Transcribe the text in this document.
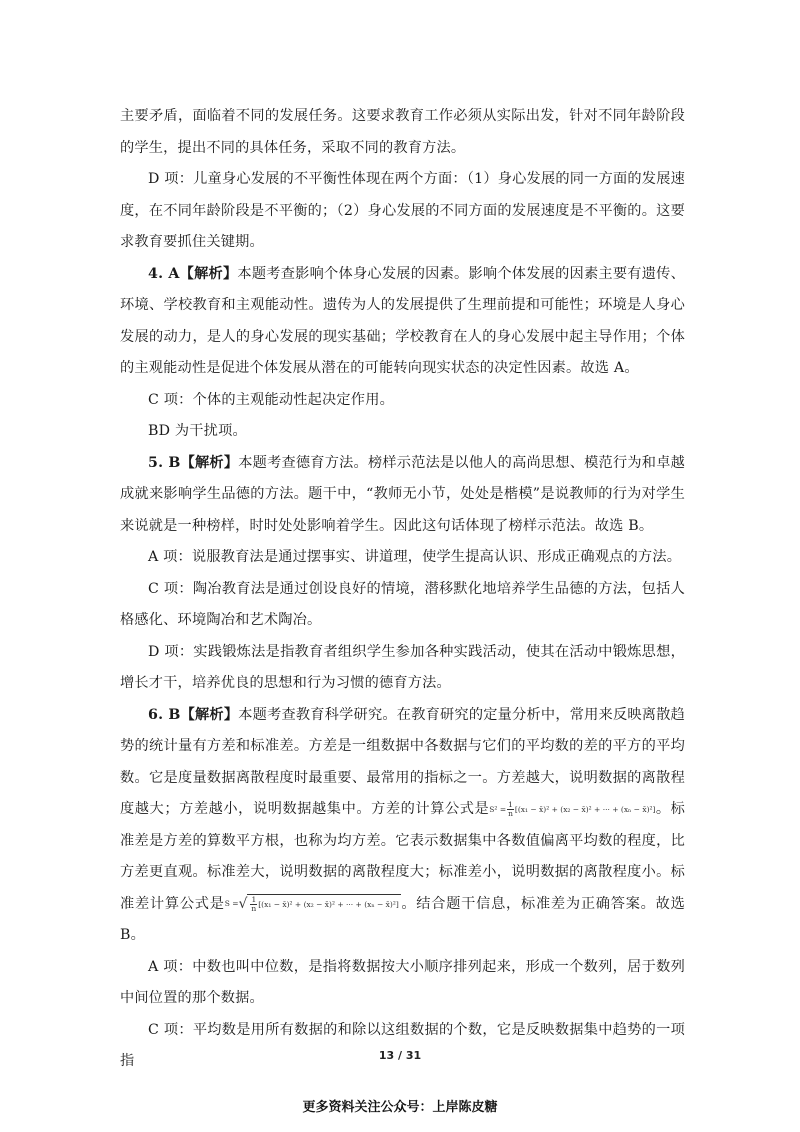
主要矛盾，面临着不同的发展任务。这要求教育工作必须从实际出发，针对不同年龄阶段的学生，提出不同的具体任务，采取不同的教育方法。

D 项：儿童身心发展的不平衡性体现在两个方面：（1）身心发展的同一方面的发展速度，在不同年龄阶段是不平衡的；（2）身心发展的不同方面的发展速度是不平衡的。这要求教育要抓住关键期。

4. A【解析】本题考查影响个体身心发展的因素。影响个体发展的因素主要有遗传、环境、学校教育和主观能动性。遗传为人的发展提供了生理前提和可能性；环境是人身心发展的动力，是人的身心发展的现实基础；学校教育在人的身心发展中起主导作用；个体的主观能动性是促进个体发展从潜在的可能转向现实状态的决定性因素。故选 A。

C 项：个体的主观能动性起决定作用。

BD 为干扰项。

5. B【解析】本题考查德育方法。榜样示范法是以他人的高尚思想、模范行为和卓越成就来影响学生品德的方法。题干中，“教师无小节，处处是楷模”是说教师的行为对学生来说就是一种榜样，时时处处影响着学生。因此这句话体现了榜样示范法。故选 B。

A 项：说服教育法是通过摆事实、讲道理，使学生提高认识、形成正确观点的方法。

C 项：陶冶教育法是通过创设良好的情境，潜移默化地培养学生品德的方法，包括人格感化、环境陶冶和艺术陶冶。

D 项：实践锻炼法是指教育者组织学生参加各种实践活动，使其在活动中锻炼思想，增长才干，培养优良的思想和行为习惯的德育方法。

6. B【解析】本题考查教育科学研究。在教育研究的定量分析中，常用来反映离散趋势的统计量有方差和标准差。方差是一组数据中各数据与它们的平均数的差的平方的平均数。它是度量数据离散程度时最重要、最常用的指标之一。方差越大，说明数据的离散程度越大；方差越小，说明数据越集中。方差的计算公式是 $S^2 = \frac{1}{n} [(x_1$ − x̄)² + (x₂ − x̄)² + ··· + (xₙ − x̄)²] 。标准差是方差的算数平方根，也称为均方差。它表示数据集中各数值偏离平均数的程度，比方差更直观。标准差大，说明数据的离散程度大；标准差小，说明数据的离散程度小。标准差计算公式是 S = √ $\frac{1}{n} [(x_1$ − x̄)² + (x₂ − x̄)² + ··· + (xₙ − x̄)²] 。结合题干信息，标准差为正确答案。故选 B。

A 项：中数也叫中位数，是指将数据按大小顺序排列起来，形成一个数列，居于数列中间位置的那个数据。

C 项：平均数是用所有数据的和除以这组数据的个数，它是反映数据集中趋势的一项指	13 / 31
更多资料关注公众号：上岸陈皮糖
